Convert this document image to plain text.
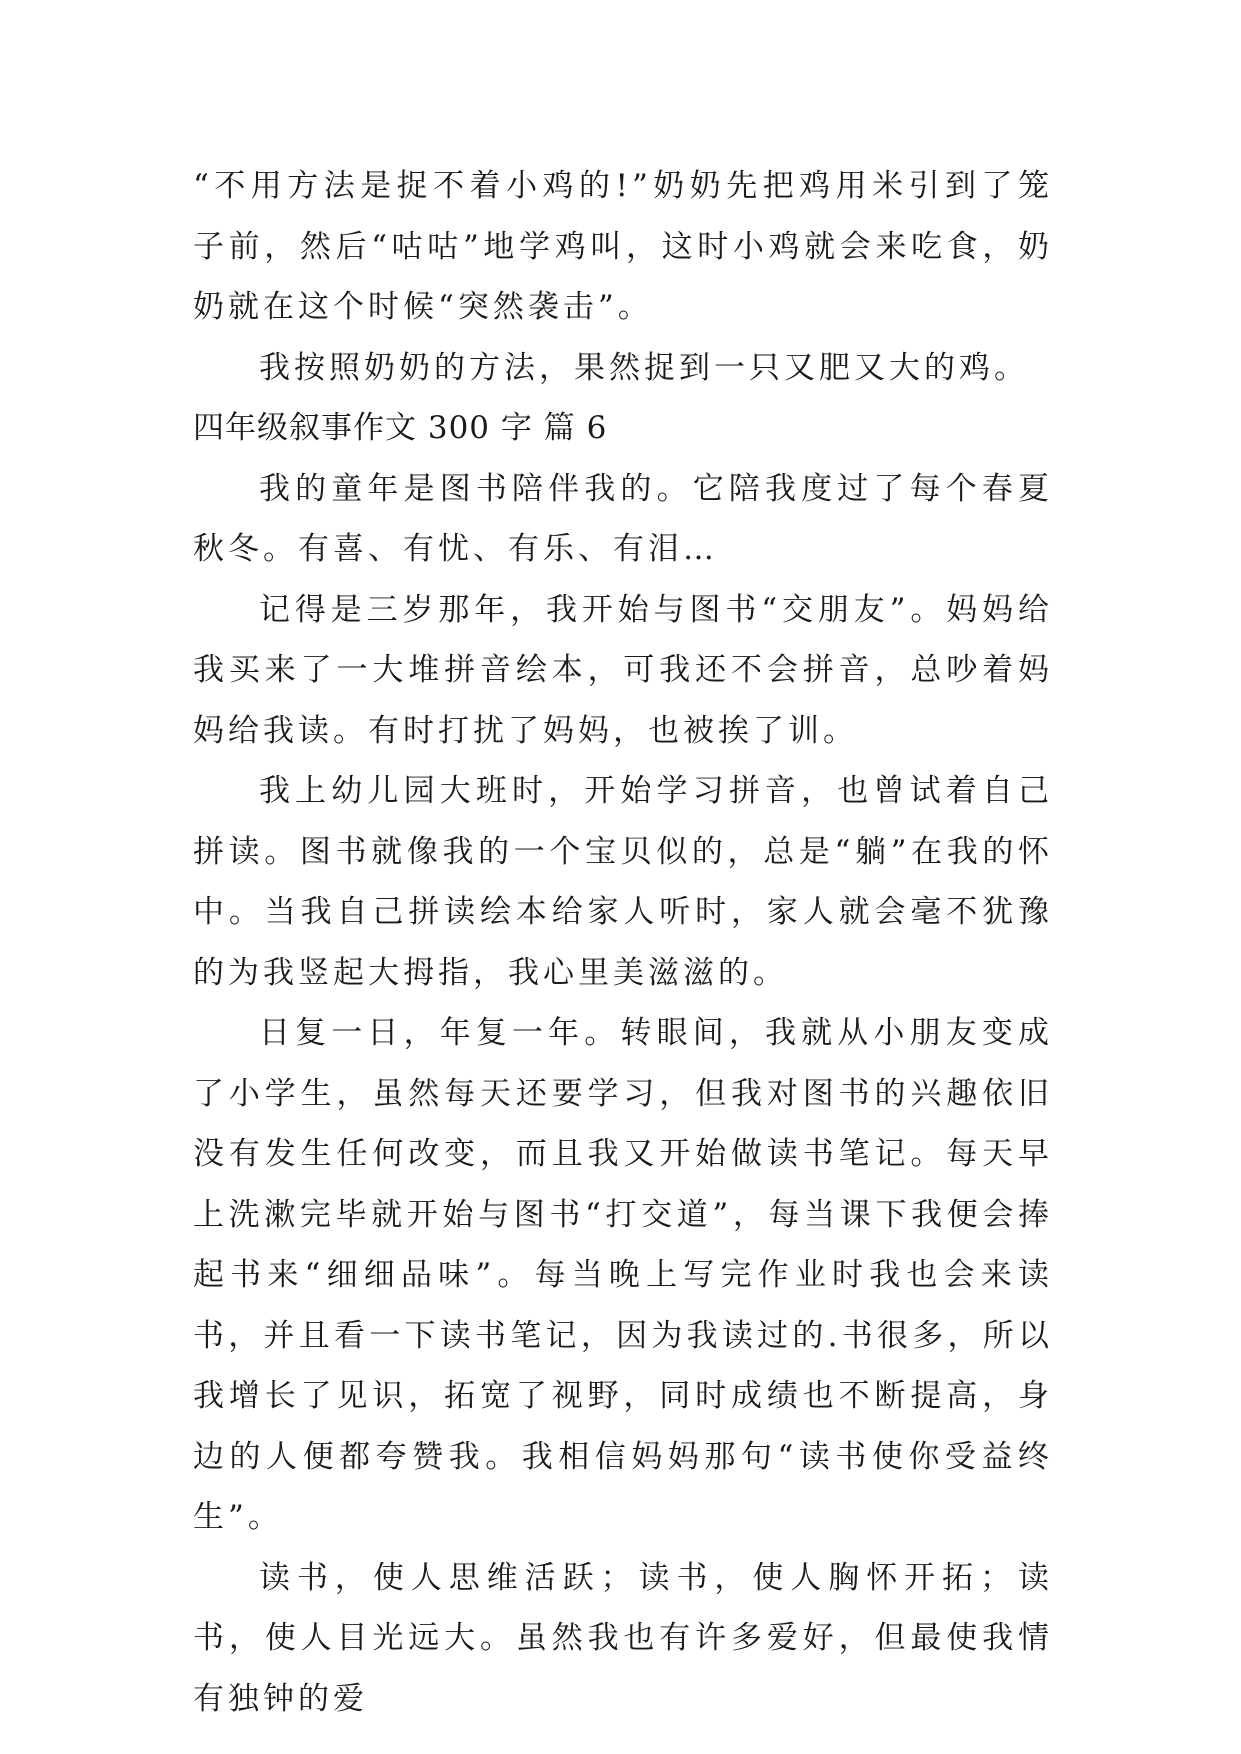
“不用方法是捉不着小鸡的!”奶奶先把鸡用米引到了笼子前，然后“咕咕”地学鸡叫，这时小鸡就会来吃食，奶奶就在这个时候“突然袭击”。

我按照奶奶的方法，果然捉到一只又肥又大的鸡。

四年级叙事作文 300 字 篇 6

我的童年是图书陪伴我的。它陪我度过了每个春夏秋冬。有喜、有忧、有乐、有泪…

记得是三岁那年，我开始与图书“交朋友”。妈妈给我买来了一大堆拼音绘本，可我还不会拼音，总吵着妈妈给我读。有时打扰了妈妈，也被挨了训。

我上幼儿园大班时，开始学习拼音，也曾试着自己拼读。图书就像我的一个宝贝似的，总是“躺”在我的怀中。当我自己拼读绘本给家人听时，家人就会毫不犹豫的为我竖起大拇指，我心里美滋滋的。

日复一日，年复一年。转眼间，我就从小朋友变成了小学生，虽然每天还要学习，但我对图书的兴趣依旧没有发生任何改变，而且我又开始做读书笔记。每天早上洗漱完毕就开始与图书“打交道”，每当课下我便会捧起书来“细细品味”。每当晚上写完作业时我也会来读书，并且看一下读书笔记，因为我读过的.书很多，所以我增长了见识，拓宽了视野，同时成绩也不断提高，身边的人便都夸赞我。我相信妈妈那句“读书使你受益终生”。

读书，使人思维活跃；读书，使人胸怀开拓；读书，使人目光远大。虽然我也有许多爱好，但最使我情有独钟的爱
